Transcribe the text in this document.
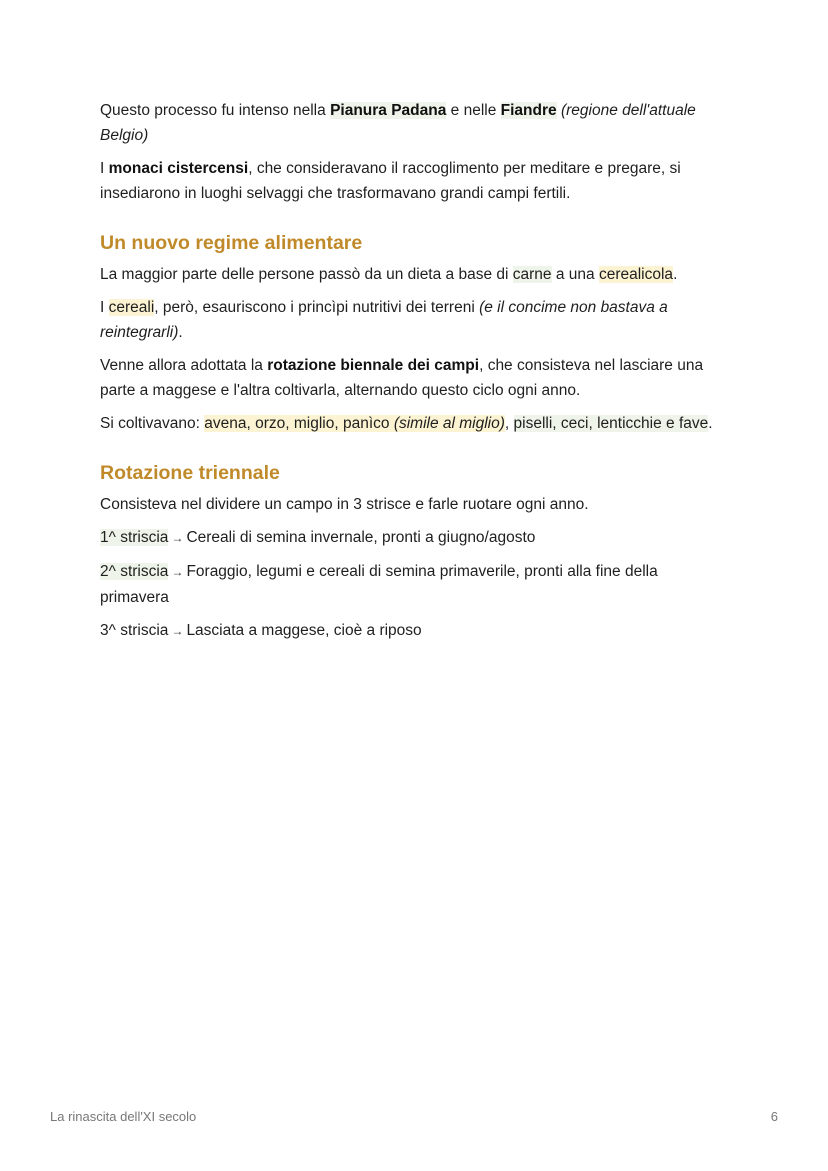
Questo processo fu intenso nella Pianura Padana e nelle Fiandre (regione dell'attuale Belgio)

I monaci cistercensi, che consideravano il raccoglimento per meditare e pregare, si insediarono in luoghi selvaggi che trasformavano grandi campi fertili.

Un nuovo regime alimentare

La maggior parte delle persone passò da un dieta a base di carne a una cerealicola.

I cereali, però, esauriscono i princìpi nutritivi dei terreni (e il concime non bastava a reintegrarli).

Venne allora adottata la rotazione biennale dei campi, che consisteva nel lasciare una parte a maggese e l'altra coltivarla, alternando questo ciclo ogni anno.

Si coltivavano: avena, orzo, miglio, panìco (simile al miglio), piselli, ceci, lenticchie e fave.

Rotazione triennale

Consisteva nel dividere un campo in 3 strisce e farle ruotare ogni anno.

1^ striscia → Cereali di semina invernale, pronti a giugno/agosto

2^ striscia → Foraggio, legumi e cereali di semina primaverile, pronti alla fine della primavera

3^ striscia → Lasciata a maggese, cioè a riposo

La rinascita dell'XI secolo	6
